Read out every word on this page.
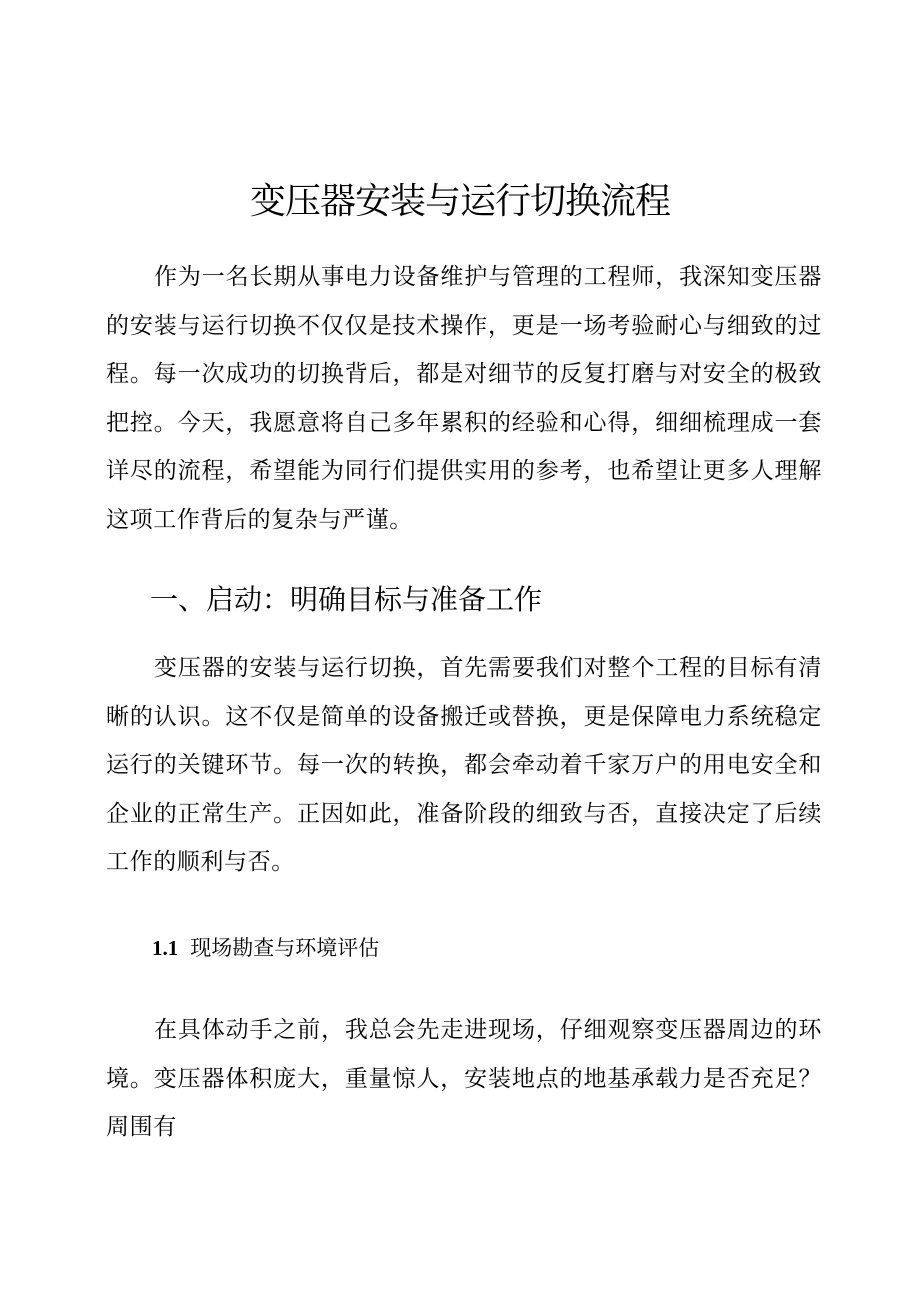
变压器安装与运行切换流程

作为一名长期从事电力设备维护与管理的工程师，我深知变压器的安装与运行切换不仅仅是技术操作，更是一场考验耐心与细致的过程。每一次成功的切换背后，都是对细节的反复打磨与对安全的极致把控。今天，我愿意将自己多年累积的经验和心得，细细梳理成一套详尽的流程，希望能为同行们提供实用的参考，也希望让更多人理解这项工作背后的复杂与严谨。

一、启动：明确目标与准备工作

变压器的安装与运行切换，首先需要我们对整个工程的目标有清晰的认识。这不仅是简单的设备搬迁或替换，更是保障电力系统稳定运行的关键环节。每一次的转换，都会牵动着千家万户的用电安全和企业的正常生产。正因如此，准备阶段的细致与否，直接决定了后续工作的顺利与否。

1.1 现场勘查与环境评估

在具体动手之前，我总会先走进现场，仔细观察变压器周边的环境。变压器体积庞大，重量惊人，安装地点的地基承载力是否充足？周围有
